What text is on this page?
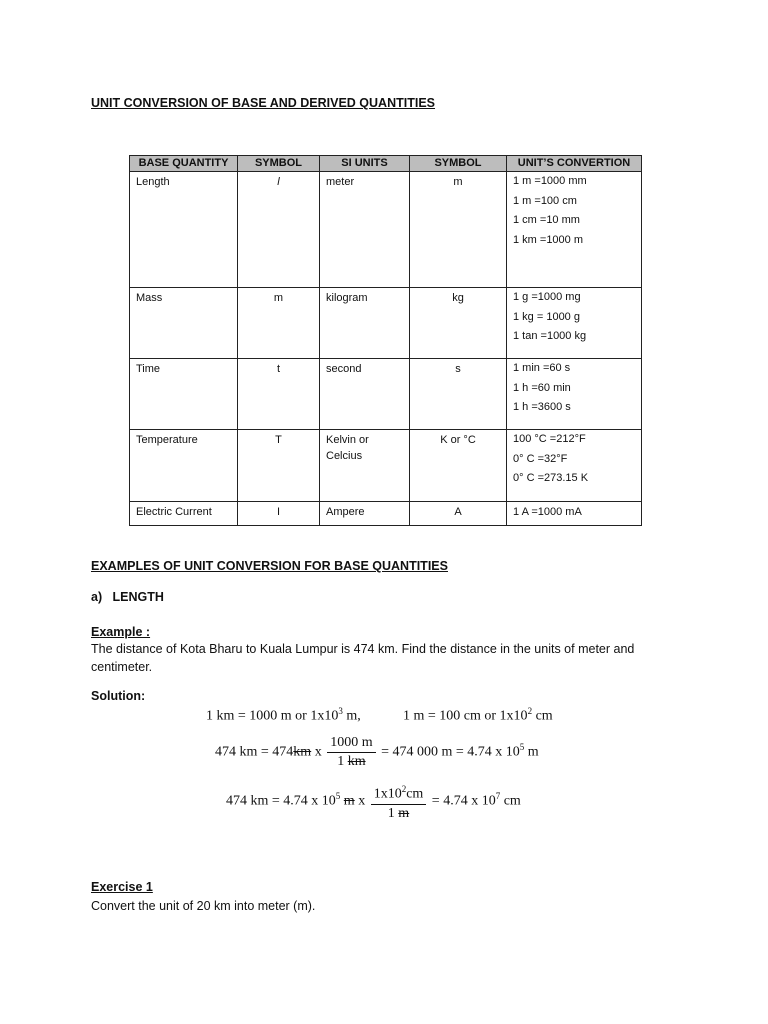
UNIT CONVERSION OF BASE AND DERIVED QUANTITIES
BASE QUANTITY	SYMBOL	SI UNITS	SYMBOL	UNIT’S CONVERTION
Length	l	meter	m	1 m =1000 mm
1 m =100 cm
1 cm =10 mm
1 km =1000 m

Mass	m	kilogram	kg	1 g =1000 mg
1 kg = 1000 g
1 tan =1000 kg

Time	t	second	s	1 min =60 s
1 h =60 min
1 h =3600 s

Temperature	T	Kelvin or Celcius	K or °C	100 °C =212°F
0° C =32°F
0° C =273.15 K

Electric Current	I	Ampere	A	1 A =1000 mA
EXAMPLES OF UNIT CONVERSION FOR BASE QUANTITIES
a)   LENGTH
Example :
The distance of Kota Bharu to Kuala Lumpur is 474 km. Find the distance in the units of meter and centimeter.
Solution:
1 km = 1000 m or $1x10^3$ m,	1 m = 100 cm or $1x10^2$ cm
474 km = 474km x $\frac{1000 m}{1 km} = 474$ 000 m = 4.74 x $10^5$ m
474 km = 4.74 x $10^5$ m x $\frac{1x10^2cm}{1 m} = 4.74$ x $10^7$ cm
Exercise 1
Convert the unit of 20 km into meter (m).
